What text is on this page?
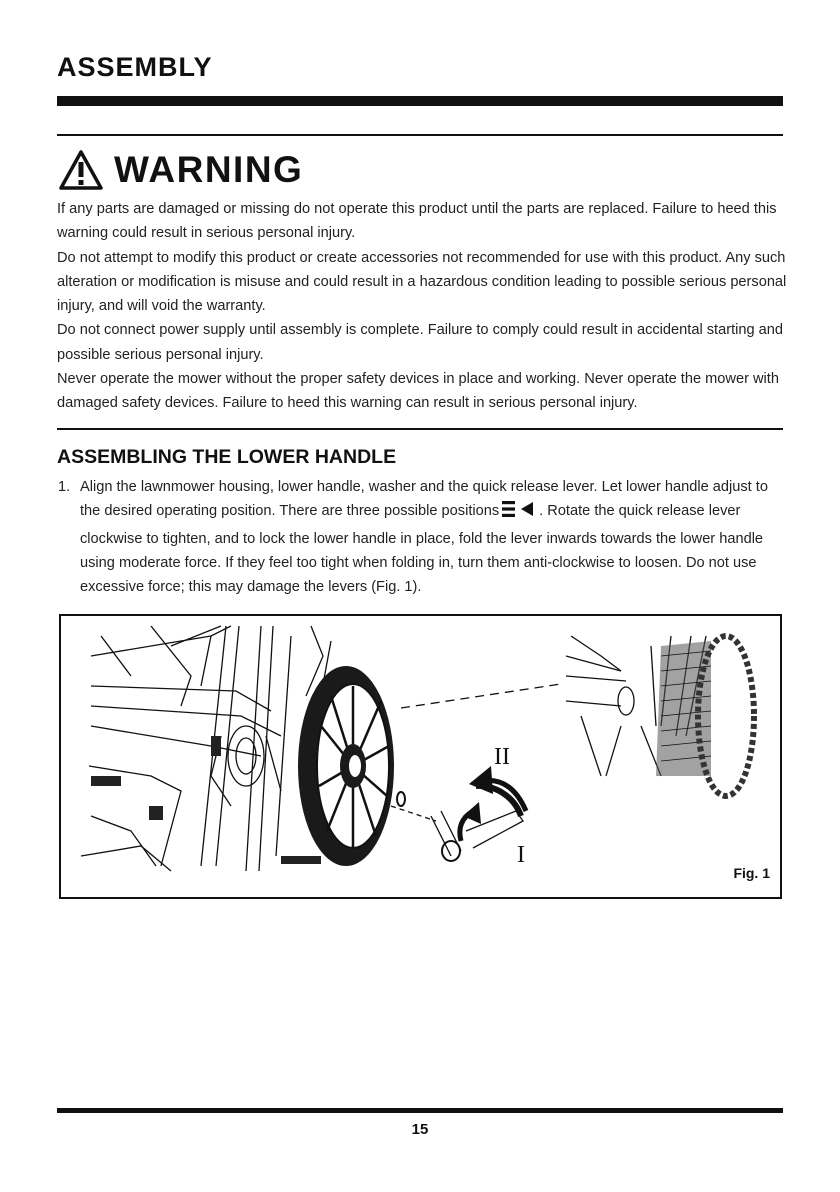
ASSEMBLY
WARNING

If any parts are damaged or missing do not operate this product until the parts are replaced. Failure to heed this warning could result in serious personal injury.

Do not attempt to modify this product or create accessories not recommended for use with this product. Any such alteration or modification is misuse and could result in a hazardous condition leading to possible serious personal injury, and will void the warranty.

Do not connect power supply until assembly is complete. Failure to comply could result in accidental starting and possible serious personal injury.

Never operate the mower without the proper safety devices in place and working. Never operate the mower with damaged safety devices. Failure to heed this warning can result in serious personal injury.

ASSEMBLING THE LOWER HANDLE
1. Align the lawnmower housing, lower handle, washer and the quick release lever. Let lower handle adjust to the desired operating position. There are three possible positions	. Rotate the quick release lever clockwise to tighten, and to lock the lower handle in place, fold the lever inwards towards the lower handle using moderate force. If they feel too tight when folding in, turn them anti-clockwise to loosen. Do not use excessive force; this may damage the levers (Fig. 1).
II
I
Fig. 1
15
